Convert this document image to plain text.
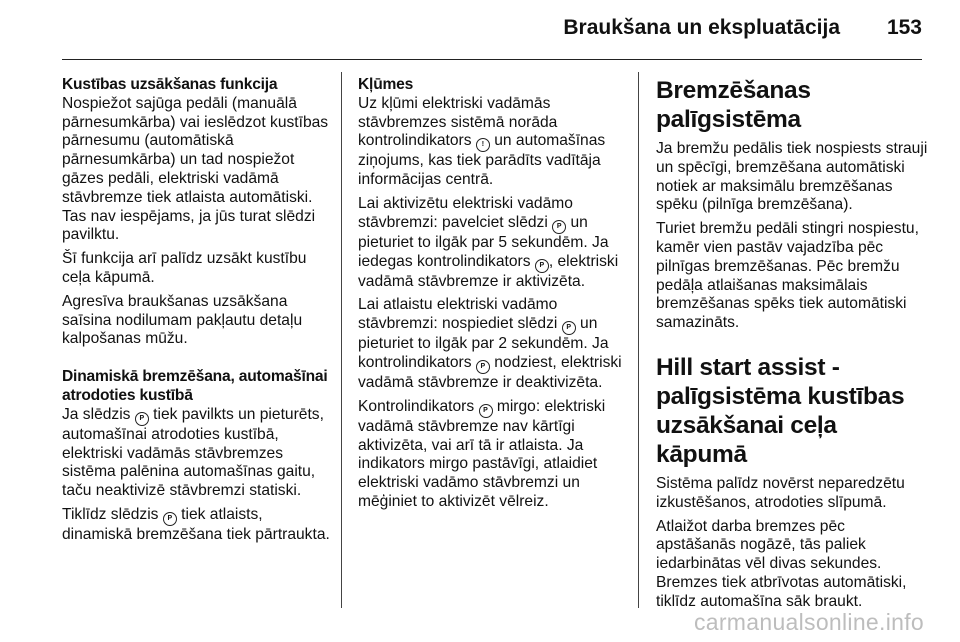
Braukšana un ekspluatācija 153
Kustības uzsākšanas funkcija

Nospiežot sajūga pedāli (manuālā pārnesumkārba) vai ieslēdzot kustības pārnesumu (automātiskā pārnesumkārba) un tad nospiežot gāzes pedāli, elektriski vadāmā stāvbremze tiek atlaista automātiski. Tas nav iespējams, ja jūs turat slēdzi pavilktu.

Šī funkcija arī palīdz uzsākt kustību ceļa kāpumā.

Agresīva braukšanas uzsākšana saīsina nodilumam pakļautu detaļu kalpošanas mūžu.

Dinamiskā bremzēšana, automašīnai atrodoties kustībā

Ja slēdzis P tiek pavilkts un pieturēts, automašīnai atrodoties kustībā, elektriski vadāmās stāvbremzes sistēma palēnina automašīnas gaitu, taču neaktivizē stāvbremzi statiski.

Tiklīdz slēdzis P tiek atlaists, dinamiskā bremzēšana tiek pārtraukta.

Kļūmes

Uz kļūmi elektriski vadāmās stāvbremzes sistēmā norāda kontrolindikators ! un automašīnas ziņojums, kas tiek parādīts vadītāja informācijas centrā.

Lai aktivizētu elektriski vadāmo stāvbremzi: pavelciet slēdzi P un pieturiet to ilgāk par 5 sekundēm. Ja iedegas kontrolindikators P , elektriski vadāmā stāvbremze ir aktivizēta.

Lai atlaistu elektriski vadāmo stāvbremzi: nospiediet slēdzi P un pieturiet to ilgāk par 2 sekundēm. Ja kontrolindikators P nodziest, elektriski vadāmā stāvbremze ir deaktivizēta.

Kontrolindikators P mirgo: elektriski vadāmā stāvbremze nav kārtīgi aktivizēta, vai arī tā ir atlaista. Ja indikators mirgo pastāvīgi, atlaidiet elektriski vadāmo stāvbremzi un mēģiniet to aktivizēt vēlreiz.

Bremzēšanas palīgsistēma

Ja bremžu pedālis tiek nospiests strauji un spēcīgi, bremzēšana automātiski notiek ar maksimālu bremzēšanas spēku (pilnīga bremzēšana).

Turiet bremžu pedāli stingri nospiestu, kamēr vien pastāv vajadzība pēc pilnīgas bremzēšanas. Pēc bremžu pedāļa atlaišanas maksimālais bremzēšanas spēks tiek automātiski samazināts.

Hill start assist - palīgsistēma kustības uzsākšanai ceļa kāpumā

Sistēma palīdz novērst neparedzētu izkustēšanos, atrodoties slīpumā.

Atlaižot darba bremzes pēc apstāšanās nogāzē, tās paliek iedarbinātas vēl divas sekundes. Bremzes tiek atbrīvotas automātiski, tiklīdz automašīna sāk braukt.

carmanualsonline.info
